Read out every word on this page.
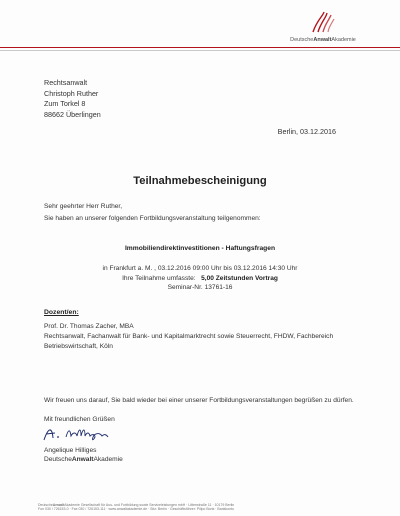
DeutscheAnwaltAkademie
Rechtsanwalt
Christoph Ruther
Zum Torkel 8
88662 Überlingen
Berlin, 03.12.2016
Teilnahmebescheinigung
Sehr geehrter Herr Ruther,
Sie haben an unserer folgenden Fortbildungsveranstaltung teilgenommen:
Immobiliendirektinvestitionen - Haftungsfragen
in Frankfurt a. M. , 03.12.2016 09:00 Uhr bis 03.12.2016 14:30 Uhr
Ihre Teilnahme umfasste: 5,00 Zeitstunden Vortrag
Seminar-Nr. 13761-16
Dozent/en:
Prof. Dr. Thomas Zacher, MBA
Rechtsanwalt, Fachanwalt für Bank- und Kapitalmarktrecht sowie Steuerrecht, FHDW, Fachbereich Betriebswirtschaft, Köln
Wir freuen uns darauf, Sie bald wieder bei einer unserer Fortbildungsveranstaltungen begrüßen zu dürfen.
Mit freundlichen Grüßen
Angelique Hilliges
DeutscheAnwaltAkademie
DeutscheAnwaltAkademie Gesellschaft für Aus- und Fortbildung sowie Serviceleistungen mbH · Littenstraße 11 · 10179 Berlin
Fon 030 / 726153-0 · Fax 030 / 726153-111 · www.anwaltakademie.de · Sitz: Berlin · Geschäftsführer: Pilipo Bonk · Bankkonto
